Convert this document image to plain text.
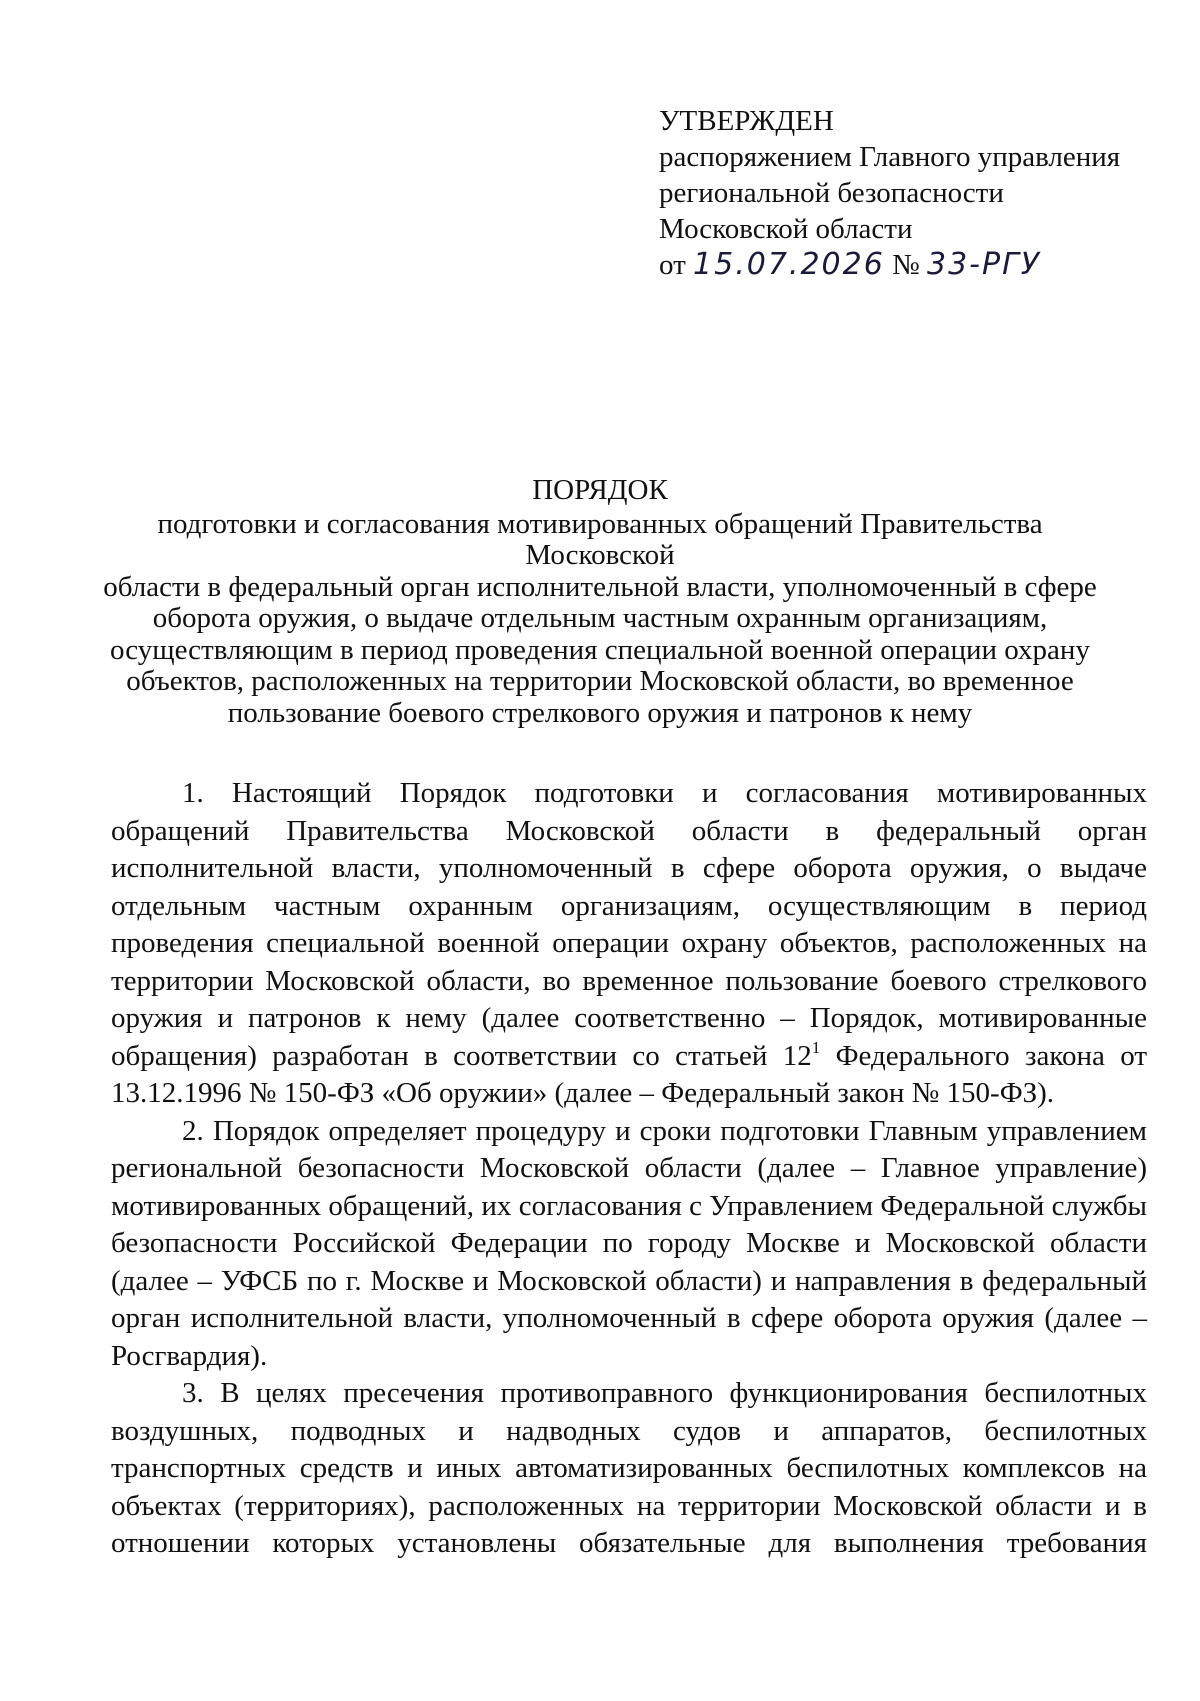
УТВЕРЖДЕН
распоряжением Главного управления
региональной безопасности
Московской области
от 15.07.2026 № 33-РГУ
ПОРЯДОК
подготовки и согласования мотивированных обращений Правительства Московской
области в федеральный орган исполнительной власти, уполномоченный в сфере
оборота оружия, о выдаче отдельным частным охранным организациям,
осуществляющим в период проведения специальной военной операции охрану
объектов, расположенных на территории Московской области, во временное
пользование боевого стрелкового оружия и патронов к нему

1. Настоящий Порядок подготовки и согласования мотивированных обращений Правительства Московской области в федеральный орган исполнительной власти, уполномоченный в сфере оборота оружия, о выдаче отдельным частным охранным организациям, осуществляющим в период проведения специальной военной операции охрану объектов, расположенных на территории Московской области, во временное пользование боевого стрелкового оружия и патронов к нему (далее соответственно – Порядок, мотивированные обращения) разработан в соответствии со статьей $12^1$ Федерального закона от 13.12.1996 № 150-ФЗ «Об оружии» (далее – Федеральный закон № 150-ФЗ).

2. Порядок определяет процедуру и сроки подготовки Главным управлением региональной безопасности Московской области (далее – Главное управление) мотивированных обращений, их согласования с Управлением Федеральной службы безопасности Российской Федерации по городу Москве и Московской области (далее – УФСБ по г. Москве и Московской области) и направления в федеральный орган исполнительной власти, уполномоченный в сфере оборота оружия (далее – Росгвардия).

3. В целях пресечения противоправного функционирования беспилотных воздушных, подводных и надводных судов и аппаратов, беспилотных транспортных средств и иных автоматизированных беспилотных комплексов на объектах (территориях), расположенных на территории Московской области и в отношении которых установлены обязательные для выполнения требования
